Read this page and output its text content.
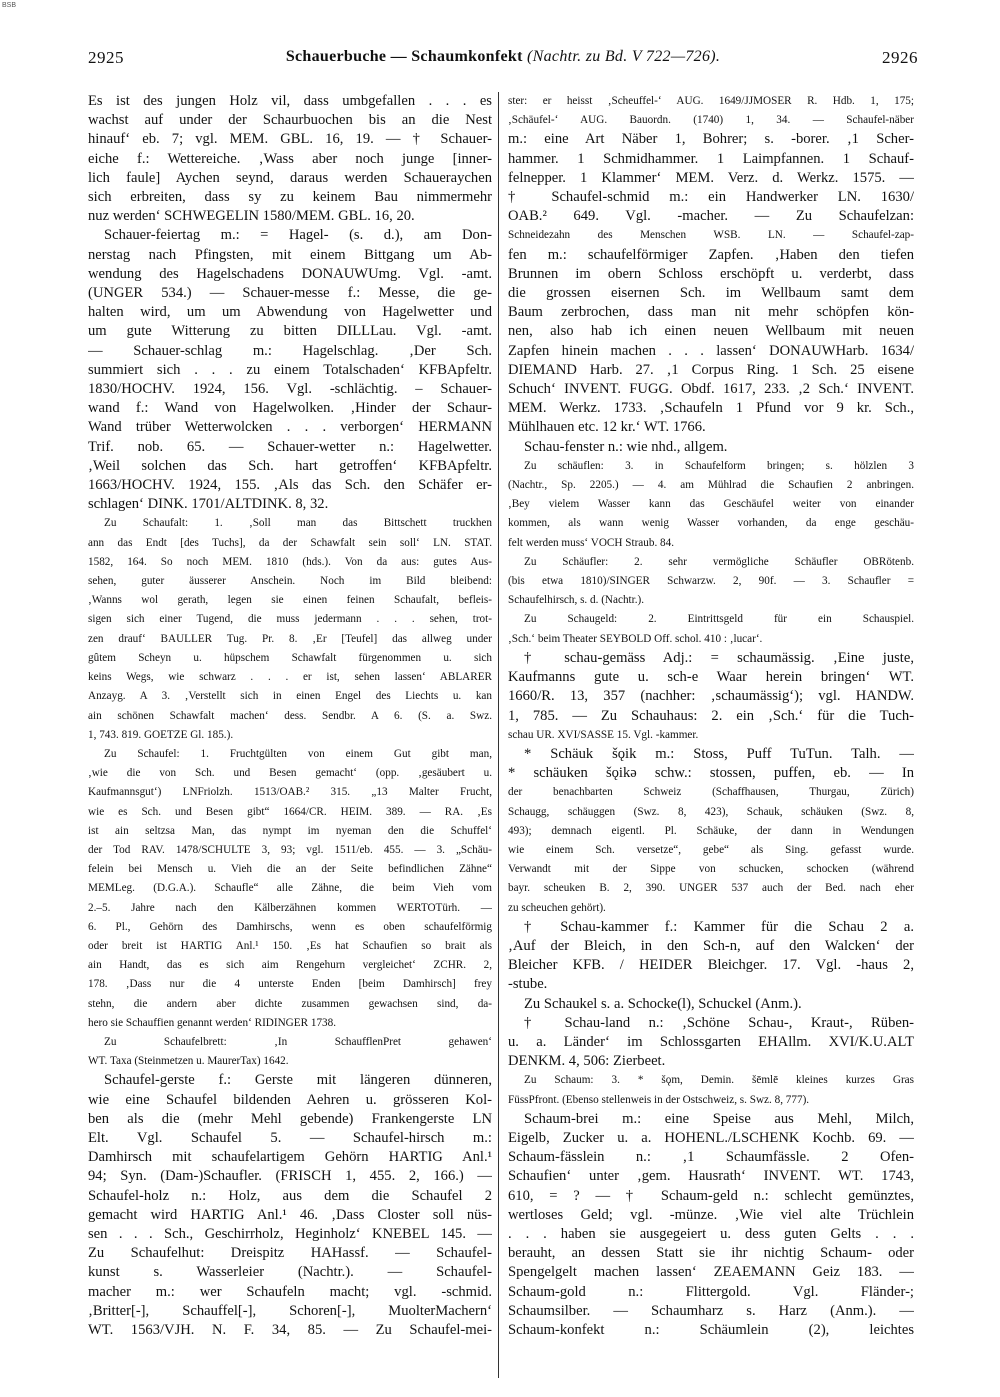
BSB
2925	Schauerbuche — Schaumkonfekt (Nachtr. zu Bd. V 722—726).	2926
Es ist des jungen Holz vil, dass umbgefallen . . . es
wachst auf under der Schaurbuochen bis an die Nest
hinauf‘ eb. 7; vgl. MEM. GBL. 16, 19. — † Schauer-
eiche f.: Wettereiche. ‚Wass aber noch junge [inner-
lich faule] Aychen seynd, daraus werden Schaueraychen
sich erbreiten, dass sy zu keinem Bau nimmermehr
nuz werden‘ SCHWEGELIN 1580/MEM. GBL. 16, 20.
Schauer-feiertag m.: = Hagel- (s. d.), am Don-
nerstag nach Pfingsten, mit einem Bittgang um Ab-
wendung des Hagelschadens DONAUWUmg. Vgl. -amt.
(UNGER 534.) — Schauer-messe f.: Messe, die ge-
halten wird, um um Abwendung von Hagelwetter und
um gute Witterung zu bitten DILLLau. Vgl. -amt.
— Schauer-schlag m.: Hagelschlag. ‚Der Sch.
summiert sich . . . zu einem Totalschaden‘ KFBApfeltr.
1830/HOCHV. 1924, 156. Vgl. -schlächtig. – Schauer-
wand f.: Wand von Hagelwolken. ‚Hinder der Schaur-
Wand trüber Wetterwolcken . . . verborgen‘ HERMANN
Trif. nob. 65. — Schauer-wetter n.: Hagelwetter.
‚Weil solchen das Sch. hart getroffen‘ KFBApfeltr.
1663/HOCHV. 1924, 155. ‚Als das Sch. den Schäfer er-
schlagen‘ DINK. 1701/ALTDINK. 8, 32.
Zu Schaufalt: 1. ‚Soll man das Bittschett truckhen
ann das Endt [des Tuchs], da der Schawfalt sein soll‘ LN. STAT.
1582, 164. So noch MEM. 1810 (hds.). Von da aus: gutes Aus-
sehen, guter äusserer Anschein. Noch im Bild bleibend:
‚Wanns wol gerath, legen sie einen feinen Schaufalt, befleis-
sigen sich einer Tugend, die muss jedermann . . . sehen, trot-
zen drauf‘ BAULLER Tug. Pr. 8. ‚Er [Teufel] das allweg under
gûtem Scheyn u. hüpschem Schawfalt fürgenommen u. sich
keins Wegs, wie schwarz . . . er ist, sehen lassen‘ ABLARER
Anzayg. A 3. ‚Verstellt sich in einen Engel des Liechts u. kan
ain schönen Schawfalt machen‘ dess. Sendbr. A 6. (S. a. Swz.
1, 743. 819. GOETZE Gl. 185.).
Zu Schaufel: 1. Fruchtgülten von einem Gut gibt man,
‚wie die von Sch. und Besen gemacht‘ (opp. ‚gesäubert u.
Kaufmannsgut‘) LNFriolzh. 1513/OAB.² 315. „13 Malter Frucht,
wie es Sch. und Besen gibt“ 1664/CR. HEIM. 389. — RA. ‚Es
ist ain seltzsa Man, das nympt im nyeman den die Schuffel‘
der Tod RAV. 1478/SCHULTE 3, 93; vgl. 1511/eb. 455. — 3. „Schäu-
felein bei Mensch u. Vieh die an der Seite befindlichen Zähne“
MEMLeg. (D.G.A.). Schaufle“ alle Zähne, die beim Vieh vom
2.–5. Jahre nach den Kälberzähnen kommen WERTOTürh. —
6. Pl., Gehörn des Damhirschs, wenn es oben schaufelförmig
oder breit ist HARTIG Anl.¹ 150. ‚Es hat Schaufien so brait als
ain Handt, das es sich aim Rengehurn vergleichet‘ ZCHR. 2,
178. ‚Dass nur die 4 unterste Enden [beim Damhirsch] frey
stehn, die andern aber dichte zusammen gewachsen sind, da-
hero sie Schauffien genannt werden‘ RIDINGER 1738.
Zu Schaufelbrett: ‚In SchaufflenPret gehawen‘
WT. Taxa (Steinmetzen u. MaurerTax) 1642.
Schaufel-gerste f.: Gerste mit längeren dünneren,
wie eine Schaufel bildenden Aehren u. grösseren Kol-
ben als die (mehr Mehl gebende) Frankengerste LN
Elt. Vgl. Schaufel 5. — Schaufel-hirsch m.:
Damhirsch mit schaufelartigem Gehörn HARTIG Anl.¹
94; Syn. (Dam-)Schaufler. (FRISCH 1, 455. 2, 166.) —
Schaufel-holz n.: Holz, aus dem die Schaufel 2
gemacht wird HARTIG Anl.¹ 46. ‚Dass Closter soll nüs-
sen . . . Sch., Geschirrholz, Heginholz‘ KNEBEL 145. —
Zu Schaufelhut: Dreispitz HAHassf. — Schaufel-
kunst s. Wasserleier (Nachtr.). — Schaufel-
macher m.: wer Schaufeln macht; vgl. -schmid.
‚Britter[-], Schauffel[-], Schoren[-], MuolterMachern‘
WT. 1563/VJH. N. F. 34, 85. — Zu Schaufel-mei-
ster: er heisst ‚Scheuffel-‘ AUG. 1649/JJMOSER R. Hdb. 1, 175;
‚Schäufel-‘ AUG. Bauordn. (1740) 1, 34. — Schaufel-näber
m.: eine Art Näber 1, Bohrer; s. -borer. ‚1 Scher-
hammer. 1 Schmidhammer. 1 Laimpfannen. 1 Schauf-
felnepper. 1 Klammer‘ MEM. Verz. d. Werkz. 1575. —
† Schaufel-schmid m.: ein Handwerker LN. 1630/
OAB.² 649. Vgl. -macher. — Zu Schaufelzan:
Schneidezahn des Menschen WSB. LN. — Schaufel-zap-
fen m.: schaufelförmiger Zapfen. ‚Haben den tiefen
Brunnen im obern Schloss erschöpft u. verderbt, dass
die grossen eisernen Sch. im Wellbaum samt dem
Baum zerbrochen, dass man nit mehr schöpfen kön-
nen, also hab ich einen neuen Wellbaum mit neuen
Zapfen hinein machen . . . lassen‘ DONAUWHarb. 1634/
DIEMAND Harb. 27. ‚1 Corpus Ring. 1 Sch. 25 eisene
Schuch‘ INVENT. FUGG. Obdf. 1617, 233. ‚2 Sch.‘ INVENT.
MEM. Werkz. 1733. ‚Schaufeln 1 Pfund vor 9 kr. Sch.,
Mühlhauen etc. 12 kr.‘ WT. 1766.
Schau-fenster n.: wie nhd., allgem.
Zu schäuflen: 3. in Schaufelform bringen; s. hölzlen 3
(Nachtr., Sp. 2205.) — 4. am Mühlrad die Schaufien 2 anbringen.
‚Bey vielem Wasser kann das Geschäufel weiter von einander
kommen, als wann wenig Wasser vorhanden, da enge geschäu-
felt werden muss‘ VOCH Straub. 84.
Zu Schäufler: 2. sehr vermögliche Schäufler OBRötenb.
(bis etwa 1810)/SINGER Schwarzw. 2, 90f. — 3. Schaufler =
Schaufelhirsch, s. d. (Nachtr.).
Zu Schaugeld: 2. Eintrittsgeld für ein Schauspiel.
‚Sch.‘ beim Theater SEYBOLD Off. schol. 410 : ‚lucar‘.
† schau-gemäss Adj.: = schaumässig. ‚Eine juste,
Kaufmanns gute u. sch-e Waar herein bringen‘ WT.
1660/R. 13, 357 (nachher: ‚schaumässig‘); vgl. HANDW.
1, 785. — Zu Schauhaus: 2. ein ‚Sch.‘ für die Tuch-
schau UR. XVI/SASSE 15. Vgl. -kammer.
* Schäuk šǫik m.: Stoss, Puff TuTun. Talh. —
* schäuken šǫikə schw.: stossen, puffen, eb. — In
der benachbarten Schweiz (Schaffhausen, Thurgau, Zürich)
Schaugg, schäuggen (Swz. 8, 423), Schauk, schäuken (Swz. 8,
493); demnach eigentl. Pl. Schäuke, der dann in Wendungen
wie einem Sch. versetze“, gebe“ als Sing. gefasst wurde.
Verwandt mit der Sippe von schucken, schocken (während
bayr. scheuken B. 2, 390. UNGER 537 auch der Bed. nach eher
zu scheuchen gehört).
† Schau-kammer f.: Kammer für die Schau 2 a.
‚Auf der Bleich, in den Sch-n, auf den Walcken‘ der
Bleicher KFB. / HEIDER Bleichger. 17. Vgl. -haus 2,
-stube.
Zu Schaukel s. a. Schocke(l), Schuckel (Anm.).
† Schau-land n.: ‚Schöne Schau-, Kraut-, Rüben-
u. a. Länder‘ im Schlossgarten EHAllm. XVI/K.U.ALT
DENKM. 4, 506: Zierbeet.
Zu Schaum: 3. * šǫm, Demin. šēmlē kleines kurzes Gras
FüssPfront. (Ebenso stellenweis in der Ostschweiz, s. Swz. 8, 777).
Schaum-brei m.: eine Speise aus Mehl, Milch,
Eigelb, Zucker u. a. HOHENL./LSCHENK Kochb. 69. —
Schaum-fässlein n.: ‚1 Schaumfässle. 2 Ofen-
Schaufien‘ unter ‚gem. Hausrath‘ INVENT. WT. 1743,
610, = ? — † Schaum-geld n.: schlecht gemünztes,
wertloses Geld; vgl. -münze. ‚Wie viel alte Trüchlein
. . . haben sie ausgegeiert u. dess guten Gelts . . .
berauht, an dessen Statt sie ihr nichtig Schaum- oder
Spengelgelt machen lassen‘ ZEAEMANN Geiz 183. —
Schaum-gold n.: Flittergold. Vgl. Fländer-;
Schaumsilber. — Schaumharz s. Harz (Anm.). —
Schaum-konfekt n.: Schäumlein (2), leichtes
